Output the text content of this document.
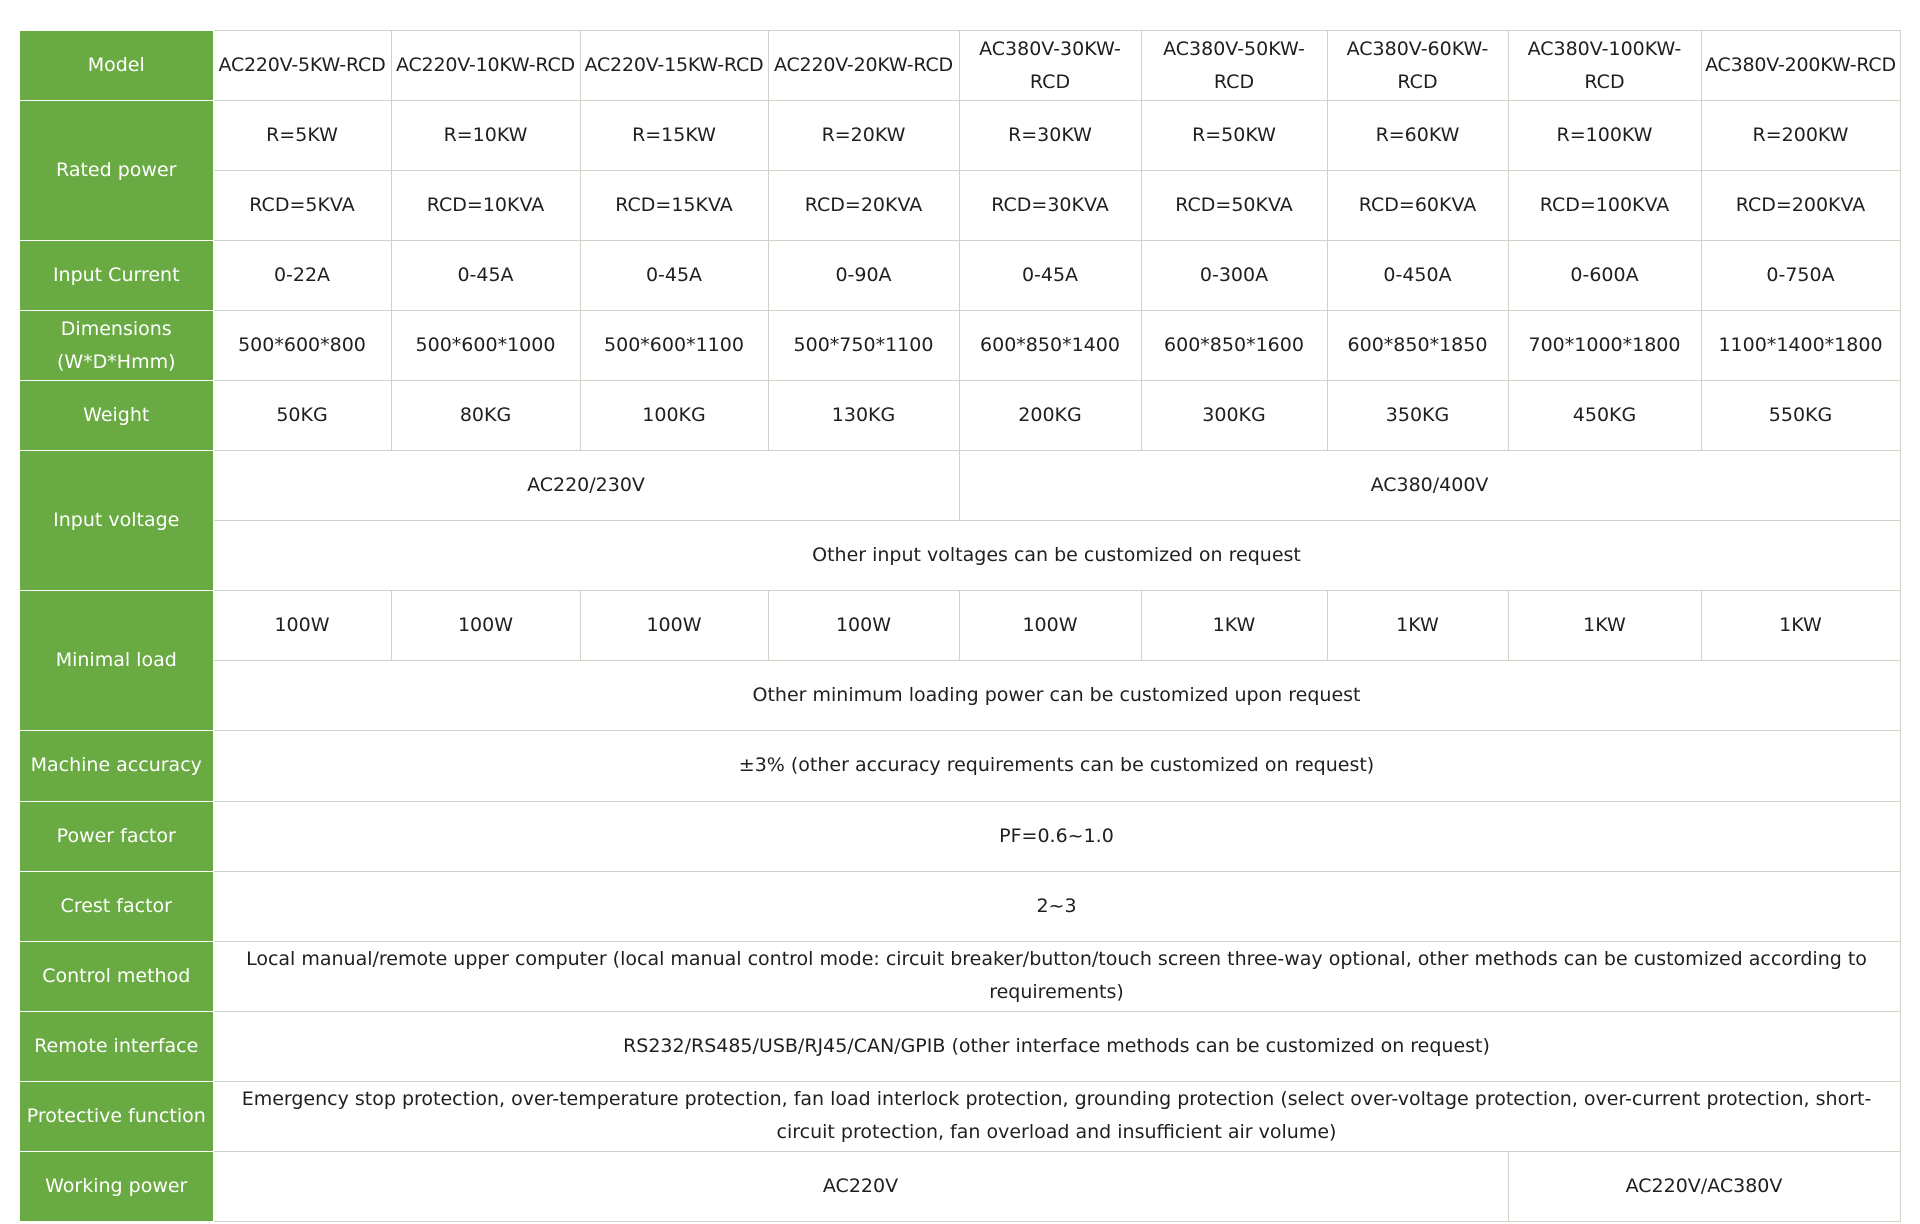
Model	AC220V-5KW-RCD	AC220V-10KW-RCD	AC220V-15KW-RCD	AC220V-20KW-RCD	AC380V-30KW-RCD	AC380V-50KW-RCD	AC380V-60KW-RCD	AC380V-100KW-RCD	AC380V-200KW-RCD
Rated power	R=5KW	R=10KW	R=15KW	R=20KW	R=30KW	R=50KW	R=60KW	R=100KW	R=200KW
	RCD=5KVA	RCD=10KVA	RCD=15KVA	RCD=20KVA	RCD=30KVA	RCD=50KVA	RCD=60KVA	RCD=100KVA	RCD=200KVA
Input Current	0-22A	0-45A	0-45A	0-90A	0-45A	0-300A	0-450A	0-600A	0-750A
Dimensions (W*D*Hmm)	500*600*800	500*600*1000	500*600*1100	500*750*1100	600*850*1400	600*850*1600	600*850*1850	700*1000*1800	1100*1400*1800
Weight	50KG	80KG	100KG	130KG	200KG	300KG	350KG	450KG	550KG
Input voltage	AC220/230V				AC380/400V				
	Other input voltages can be customized on request								
Minimal load	100W	100W	100W	100W	100W	1KW	1KW	1KW	1KW
	Other minimum loading power can be customized upon request								
Machine accuracy	±3% (other accuracy requirements can be customized on request)								
Power factor	PF=0.6~1.0								
Crest factor	2~3								
Control method	Local manual/remote upper computer (local manual control mode: circuit breaker/button/touch screen three-way optional, other methods can be customized according to requirements)								
Remote interface	RS232/RS485/USB/RJ45/CAN/GPIB (other interface methods can be customized on request)								
Protective function	Emergency stop protection, over-temperature protection, fan load interlock protection, grounding protection (select over-voltage protection, over-current protection, short-circuit protection, fan overload and insufficient air volume)								
Working power	AC220V							AC220V/AC380V	
